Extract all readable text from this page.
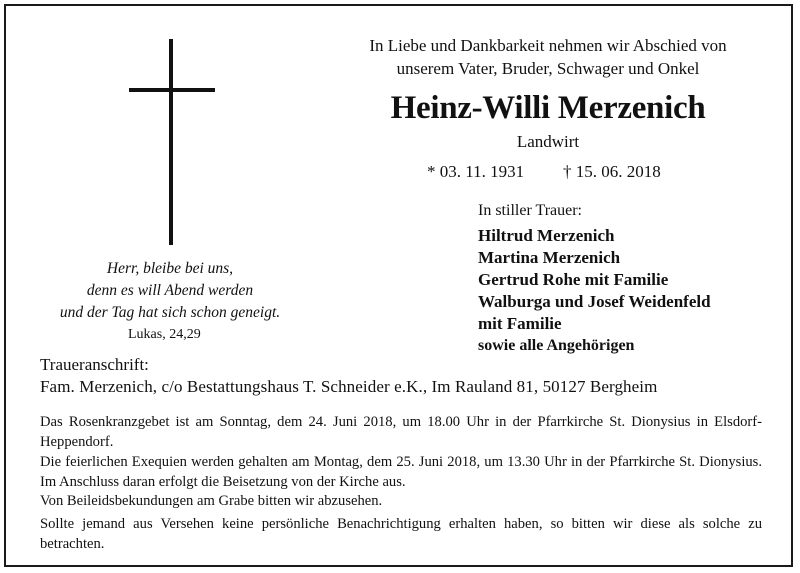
Herr, bleibe bei uns,
denn es will Abend werden
und der Tag hat sich schon geneigt.
Lukas, 24,29
In Liebe und Dankbarkeit nehmen wir Abschied von
unserem Vater, Bruder, Schwager und Onkel
Heinz-Willi Merzenich
Landwirt
* 03. 11. 1931 † 15. 06. 2018
In stiller Trauer:
Hiltrud Merzenich
Martina Merzenich
Gertrud Rohe mit Familie
Walburga und Josef Weidenfeld
mit Familie
sowie alle Angehörigen
Traueranschrift:
Fam. Merzenich, c/o Bestattungshaus T. Schneider e.K., Im Rauland 81, 50127 Bergheim
Das Rosenkranzgebet ist am Sonntag, dem 24. Juni 2018, um 18.00 Uhr in der Pfarrkirche St. Dionysius in Elsdorf-Heppendorf.
Die feierlichen Exequien werden gehalten am Montag, dem 25. Juni 2018, um 13.30 Uhr in der Pfarrkirche St. Dionysius. Im Anschluss daran erfolgt die Beisetzung von der Kirche aus.
Von Beileidsbekundungen am Grabe bitten wir abzusehen.
Sollte jemand aus Versehen keine persönliche Benachrichtigung erhalten haben, so bitten wir diese als solche zu betrachten.
